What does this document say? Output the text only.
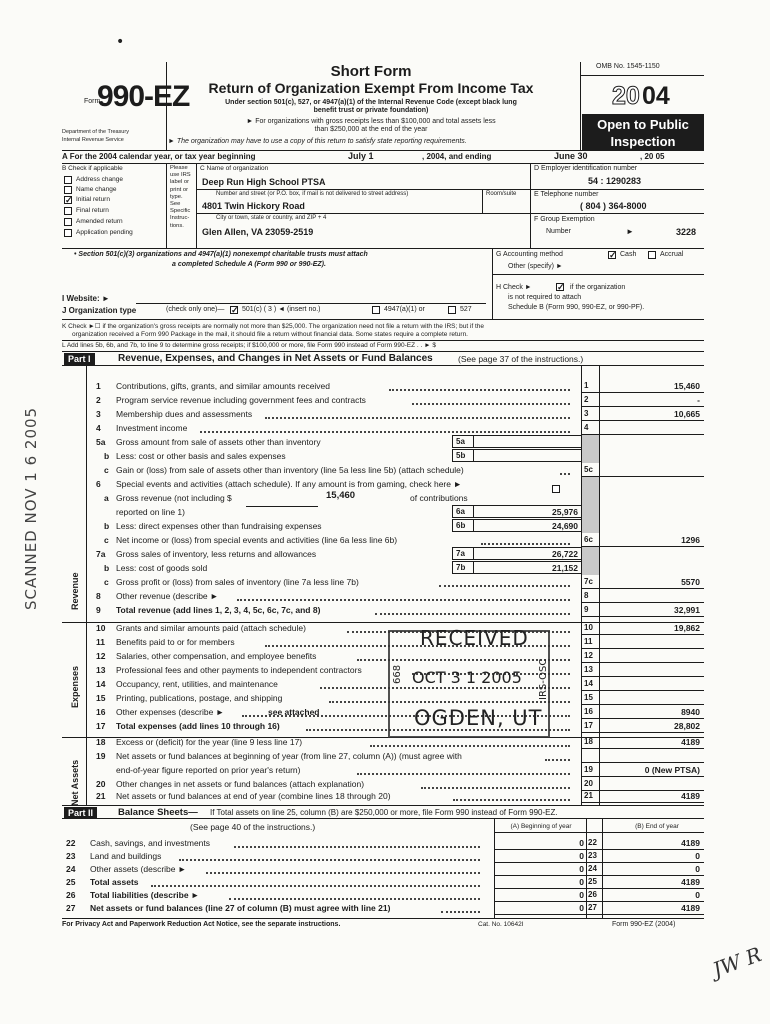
Form
990-EZ
Department of the Treasury
Internal Revenue Service
Short Form
Return of Organization Exempt From Income Tax
Under section 501(c), 527, or 4947(a)(1) of the Internal Revenue Code (except black lung
benefit trust or private foundation)
► For organizations with gross receipts less than $100,000 and total assets less
than $250,000 at the end of the year
► The organization may have to use a copy of this return to satisfy state reporting requirements.
OMB No. 1545-1150
20 04
Open to Public
Inspection
A For the 2004 calendar year, or tax year beginning	July 1	, 2004, and ending	June 30	, 20 05
B Check if applicable
Address change
Name change
✓ Initial return
Final return
Amended return
Application pending
Please
use IRS
label or
print or
type.
See
Specific
Instruc-
tions.
C Name of organization
Deep Run High School PTSA
Number and street (or P.O. box, if mail is not delivered to street address)	Room/suite
4801 Twin Hickory Road
City or town, state or country, and ZIP + 4
Glen Allen, VA 23059-2519
D Employer identification number
54 : 1290283
E Telephone number
( 804 ) 364-8000
F Group Exemption
Number	►	3228
• Section 501(c)(3) organizations and 4947(a)(1) nonexempt charitable trusts must attach
a completed Schedule A (Form 990 or 990-EZ).
G Accounting method	✓ Cash	Accrual
Other (specify) ►
H Check ►	✓ if the organization
is not required to attach
Schedule B (Form 990, 990-EZ, or 990-PF).
I Website: ►
J Organization type	(check only one)— ✓ 501(c) ( 3 ) ◄ (insert no.)	4947(a)(1) or	527
K Check ►☐ if the organization's gross receipts are normally not more than $25,000. The organization need not file a return with the IRS; but if the
organization received a Form 990 Package in the mail, it should file a return without financial data. Some states require a complete return.
L Add lines 5b, 6b, and 7b, to line 9 to determine gross receipts; if $100,000 or more, file Form 990 instead of Form 990-EZ . . ► $
Part I	Revenue, Expenses, and Changes in Net Assets or Fund Balances	(See page 37 of the instructions.)
Revenue
Expenses
Net Assets
1 Contributions, gifts, grants, and similar amounts received	1	15,460
2 Program service revenue including government fees and contracts	2	-
3 Membership dues and assessments	3	10,665
4 Investment income	4
5a Gross amount from sale of assets other than inventory	5a
b Less: cost or other basis and sales expenses	5b
c Gain or (loss) from sale of assets other than inventory (line 5a less line 5b) (attach schedule)	5c
6 Special events and activities (attach schedule). If any amount is from gaming, check here ►
a Gross revenue (not including $	of contributions
15,460
reported on line 1)	6a	25,976
b Less: direct expenses other than fundraising expenses	6b	24,690
c Net income or (loss) from special events and activities (line 6a less line 6b)	6c	1296
7a Gross sales of inventory, less returns and allowances	7a	26,722
b Less: cost of goods sold	7b	21,152
c Gross profit or (loss) from sales of inventory (line 7a less line 7b)	7c	5570
8 Other revenue (describe ►	8
9 Total revenue (add lines 1, 2, 3, 4, 5c, 6c, 7c, and 8)	9	32,991
10 Grants and similar amounts paid (attach schedule)	10	19,862
11 Benefits paid to or for members	11
12 Salaries, other compensation, and employee benefits	12
13 Professional fees and other payments to independent contractors	13
14 Occupancy, rent, utilities, and maintenance	14
15 Printing, publications, postage, and shipping	15
16 Other expenses (describe ►	see attached	16	8940
17 Total expenses (add lines 10 through 16)	17	28,802
18 Excess or (deficit) for the year (line 9 less line 17)	18	4189
19 Net assets or fund balances at beginning of year (from line 27, column (A)) (must agree with
end-of-year figure reported on prior year's return)	19	0 (New PTSA)
20 Other changes in net assets or fund balances (attach explanation)	20
21 Net assets or fund balances at end of year (combine lines 18 through 20)	21	4189
Part II	Balance Sheets— If Total assets on line 25, column (B) are $250,000 or more, file Form 990 instead of Form 990-EZ.
(See page 40 of the instructions.)	(A) Beginning of year	(B) End of year
22 Cash, savings, and investments	0 22	4189
23 Land and buildings	0 23	0
24 Other assets (describe ►	0 24	0
25 Total assets	0 25	4189
26 Total liabilities (describe ►	0 26	0
27 Net assets or fund balances (line 27 of column (B) must agree with line 21)	0 27	4189
For Privacy Act and Paperwork Reduction Act Notice, see the separate instructions.	Cat. No. 10642I	Form 990-EZ (2004)
RECEIVED
OCT 3 1 2005
OGDEN, UT
668	IRS-OSC
SCANNED NOV 1 6 2005
JW R
•
